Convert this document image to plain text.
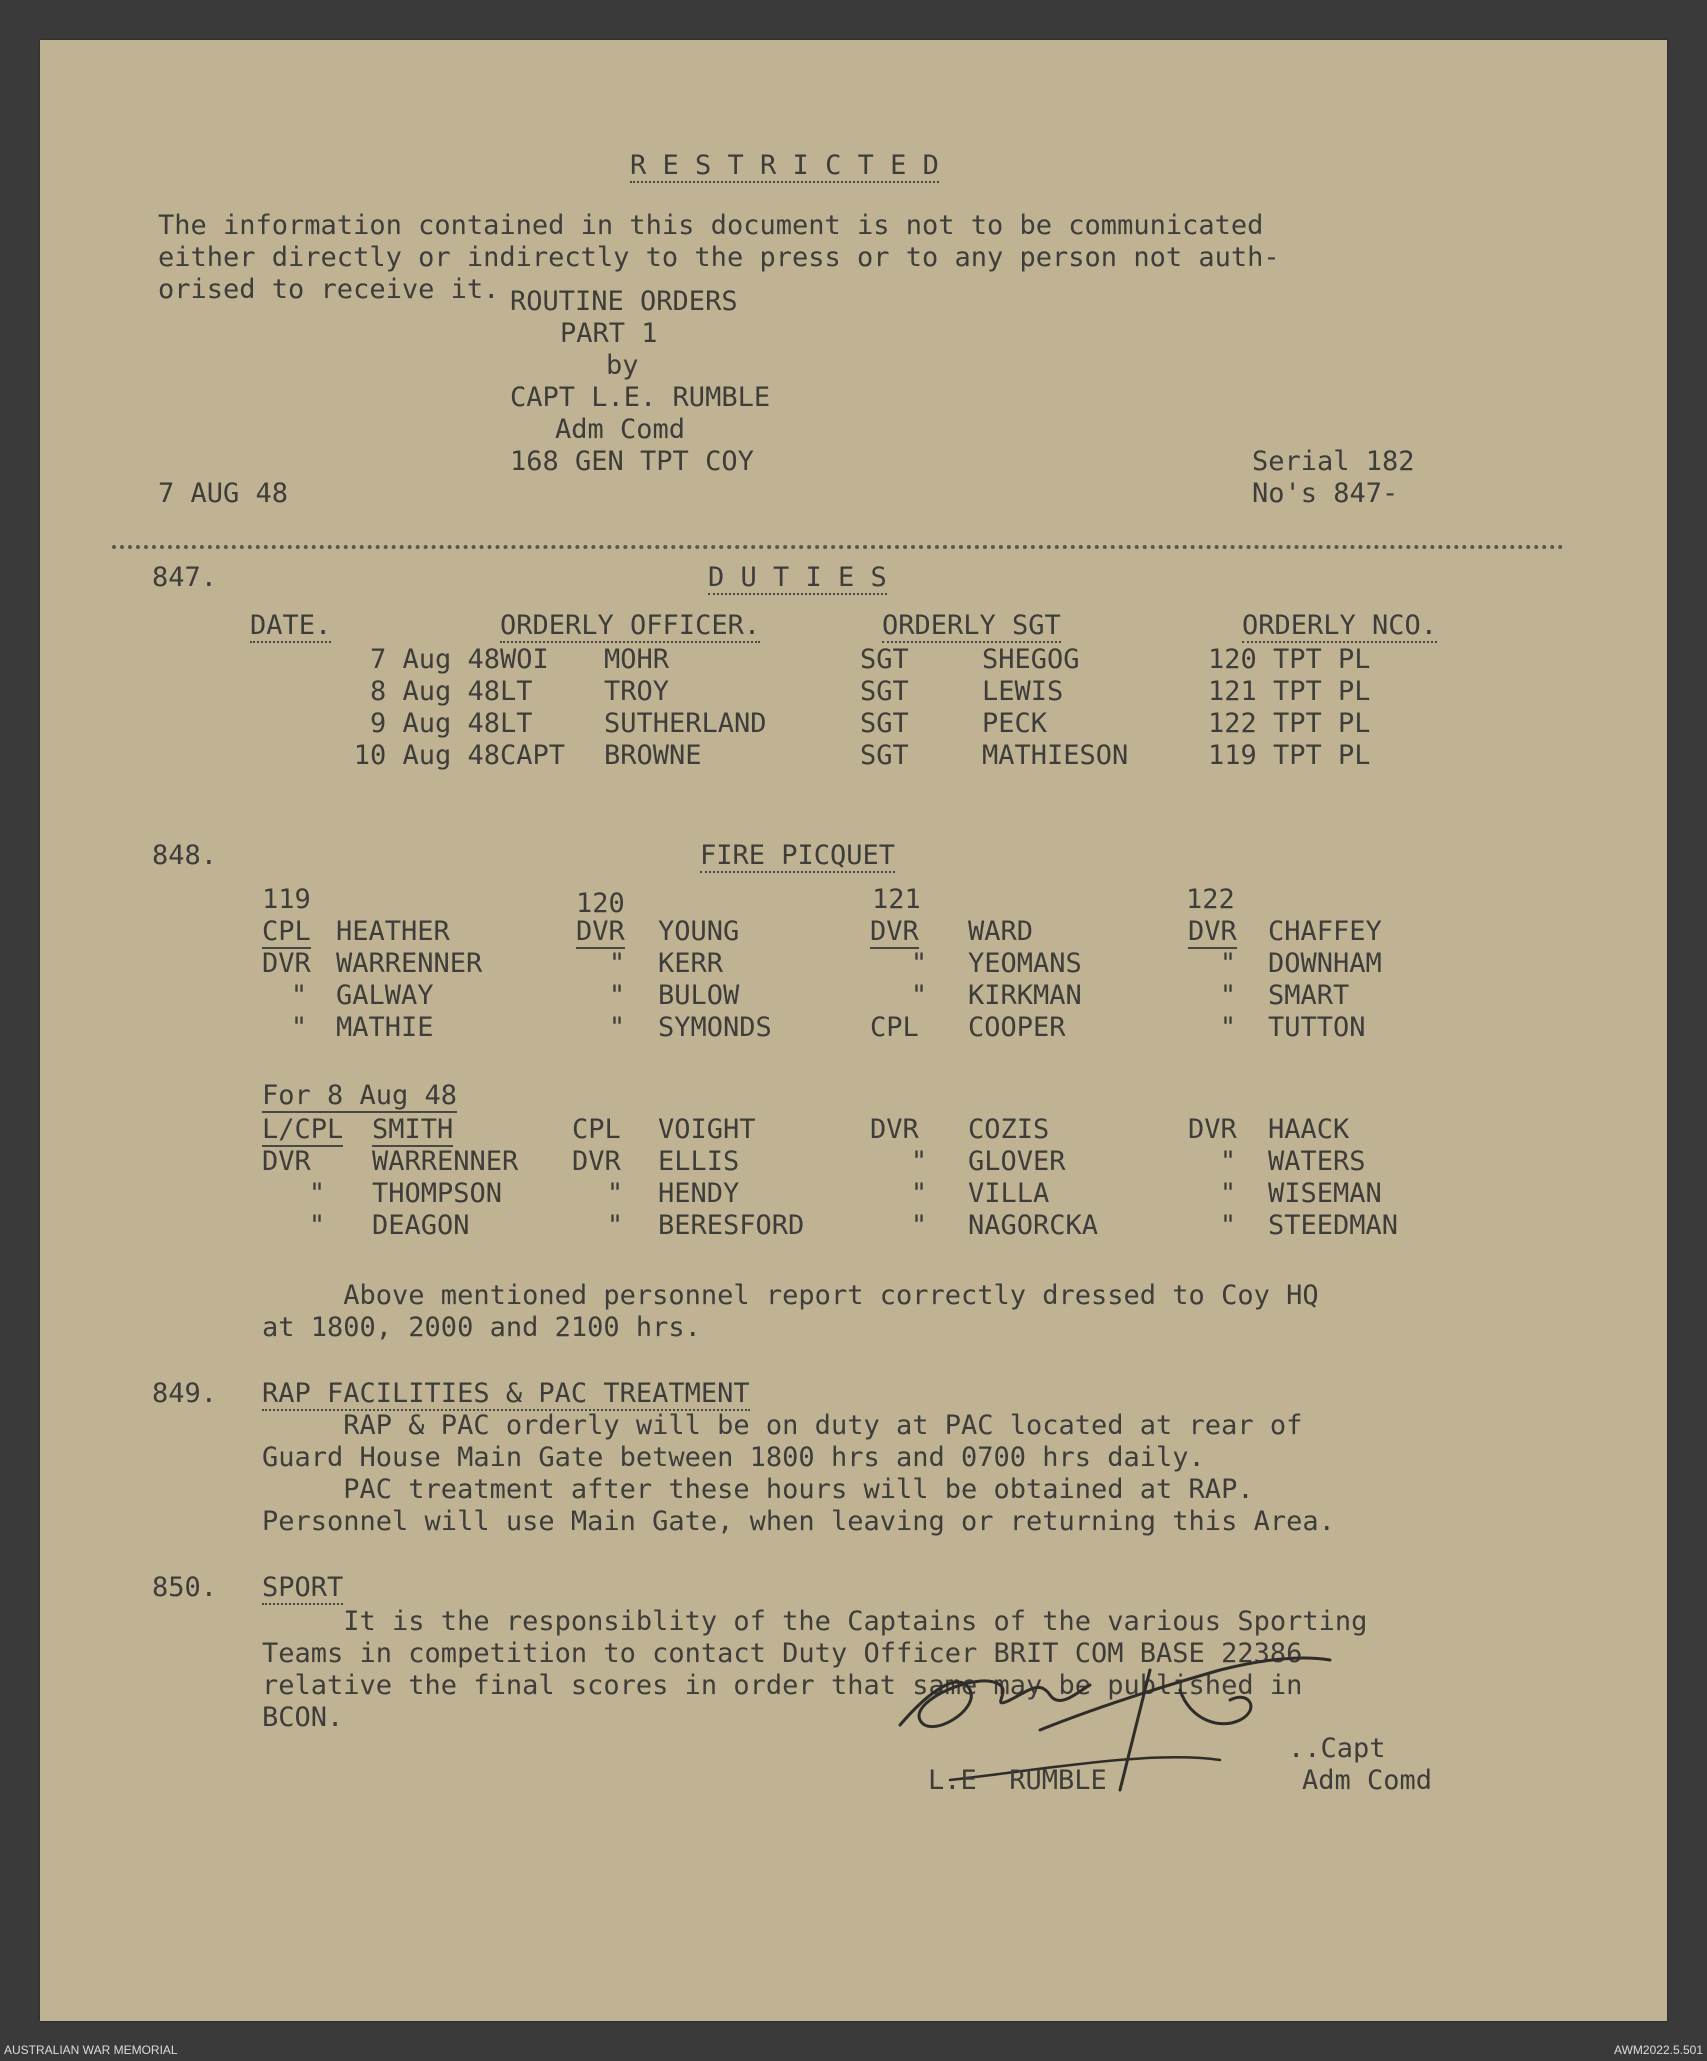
R E S T R I C T E D
The information contained in this document is not to be communicated
either directly or indirectly to the press or to any person not auth-
orised to receive it. ROUTINE ORDERS
PART 1
by
CAPT L.E. RUMBLE
Adm Comd
168 GEN TPT COY	Serial 182
No's 847-
7 AUG 48
847.	D U T I E S
DATE.	ORDERLY OFFICER.	ORDERLY SGT	ORDERLY NCO.
7 Aug 48	WOI	MOHR	SGT	SHEGOG	120 TPT PL
8 Aug 48	LT	TROY	SGT	LEWIS	121 TPT PL
9 Aug 48	LT	SUTHERLAND	SGT	PECK	122 TPT PL
10 Aug 48	CAPT	BROWNE	SGT	MATHIESON	119 TPT PL
848.	FIRE PICQUET
119	120	121	122
CPL	HEATHER	DVR	YOUNG	DVR	WARD	DVR	CHAFFEY
DVR	WARRENNER	"	KERR	"	YEOMANS	"	DOWNHAM
"	GALWAY	"	BULOW	"	KIRKMAN	"	SMART
"	MATHIE	"	SYMONDS	CPL	COOPER	"	TUTTON
For 8 Aug 48
L/CPL	SMITH	CPL	VOIGHT	DVR	COZIS	DVR	HAACK
DVR	WARRENNER	DVR	ELLIS	"	GLOVER	"	WATERS
"	THOMPSON	"	HENDY	"	VILLA	"	WISEMAN
"	DEAGON	"	BERESFORD	"	NAGORCKA	"	STEEDMAN
Above mentioned personnel report correctly dressed to Coy HQ
at 1800, 2000 and 2100 hrs.
849. RAP FACILITIES & PAC TREATMENT
RAP & PAC orderly will be on duty at PAC located at rear of
Guard House Main Gate between 1800 hrs and 0700 hrs daily.
PAC treatment after these hours will be obtained at RAP.
Personnel will use Main Gate, when leaving or returning this Area.
850. SPORT
It is the responsiblity of the Captains of the various Sporting
Teams in competition to contact Duty Officer BRIT COM BASE 22386
relative the final scores in order that same may be published in
BCON.
..Capt
L.E  RUMBLE	Adm Comd
AUSTRALIAN WAR MEMORIAL	AWM2022.5.501
